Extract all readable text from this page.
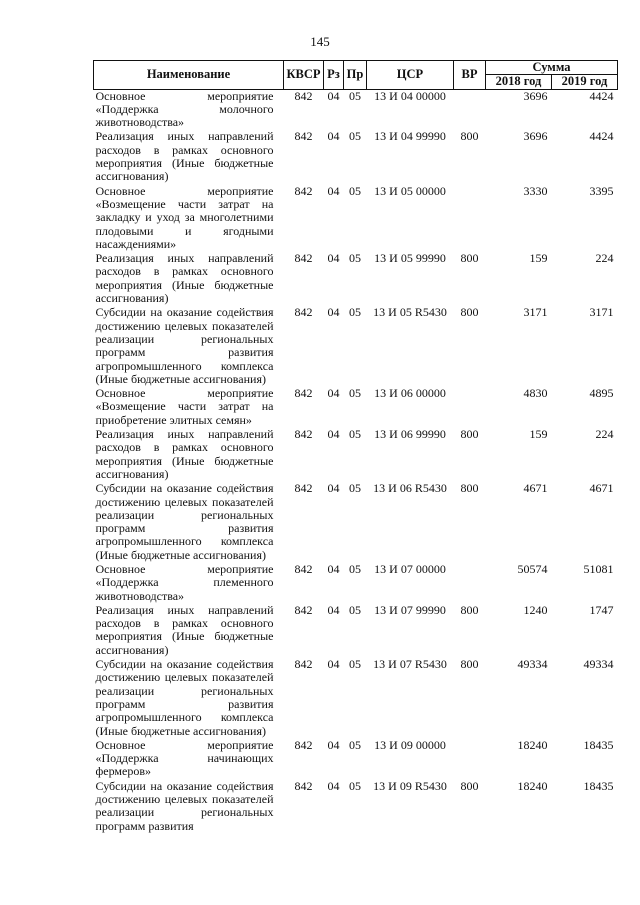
145
Наименование	КВСР	Рз	Пр	ЦСР	ВР	Сумма	
						2018 год	2019 год
Основное мероприятие «Поддержка молочного животноводства»	842	04	05	13 И 04 00000		3696	4424
Реализация иных направлений расходов в рамках основного мероприятия (Иные бюджетные ассигнования)	842	04	05	13 И 04 99990	800	3696	4424
Основное мероприятие «Возмещение части затрат на закладку и уход за многолетними плодовыми и ягодными насаждениями»	842	04	05	13 И 05 00000		3330	3395
Реализация иных направлений расходов в рамках основного мероприятия (Иные бюджетные ассигнования)	842	04	05	13 И 05 99990	800	159	224
Субсидии на оказание содействия достижению целевых показателей реализации региональных программ развития агропромышленного комплекса (Иные бюджетные ассигнования)	842	04	05	13 И 05 R5430	800	3171	3171
Основное мероприятие «Возмещение части затрат на приобретение элитных семян»	842	04	05	13 И 06 00000		4830	4895
Реализация иных направлений расходов в рамках основного мероприятия (Иные бюджетные ассигнования)	842	04	05	13 И 06 99990	800	159	224
Субсидии на оказание содействия достижению целевых показателей реализации региональных программ развития агропромышленного комплекса (Иные бюджетные ассигнования)	842	04	05	13 И 06 R5430	800	4671	4671
Основное мероприятие «Поддержка племенного животноводства»	842	04	05	13 И 07 00000		50574	51081
Реализация иных направлений расходов в рамках основного мероприятия (Иные бюджетные ассигнования)	842	04	05	13 И 07 99990	800	1240	1747
Субсидии на оказание содействия достижению целевых показателей реализации региональных программ развития агропромышленного комплекса (Иные бюджетные ассигнования)	842	04	05	13 И 07 R5430	800	49334	49334
Основное мероприятие «Поддержка начинающих фермеров»	842	04	05	13 И 09 00000		18240	18435
Субсидии на оказание содействия достижению целевых показателей реализации региональных программ развития	842	04	05	13 И 09 R5430	800	18240	18435
